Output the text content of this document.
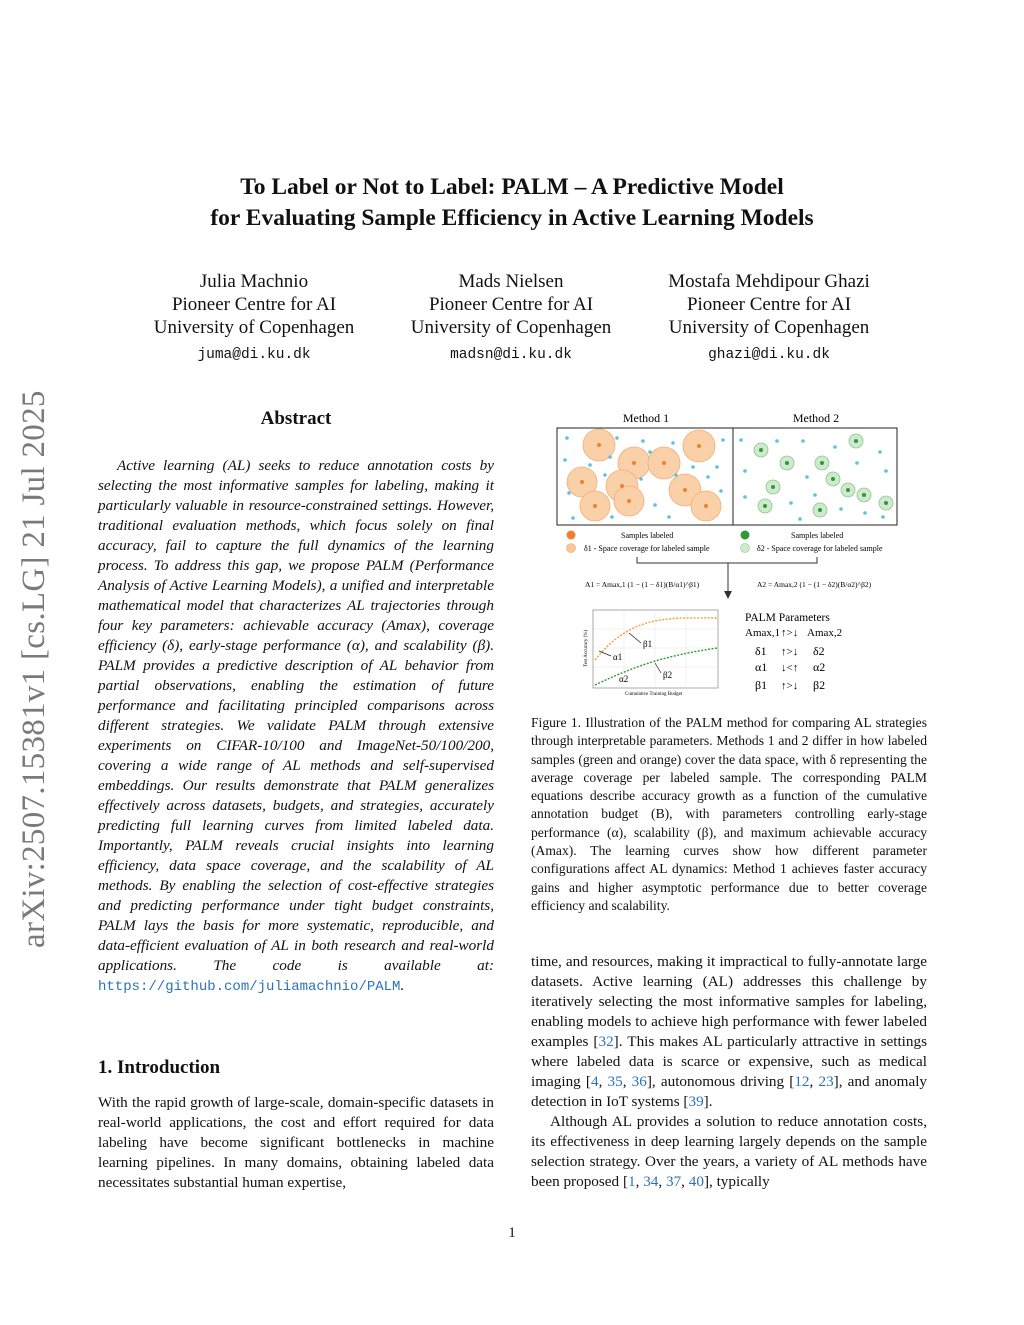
arXiv:2507.15381v1 [cs.LG] 21 Jul 2025
To Label or Not to Label: PALM – A Predictive Model
for Evaluating Sample Efficiency in Active Learning Models
Julia Machnio
Pioneer Centre for AI
University of Copenhagen
juma@di.ku.dk
Mads Nielsen
Pioneer Centre for AI
University of Copenhagen
madsn@di.ku.dk
Mostafa Mehdipour Ghazi
Pioneer Centre for AI
University of Copenhagen
ghazi@di.ku.dk
Abstract
Active learning (AL) seeks to reduce annotation costs by selecting the most informative samples for labeling, making it particularly valuable in resource-constrained settings. However, traditional evaluation methods, which focus solely on final accuracy, fail to capture the full dynamics of the learning process. To address this gap, we propose PALM (Performance Analysis of Active Learning Models), a unified and interpretable mathematical model that characterizes AL trajectories through four key parameters: achievable accuracy (Amax), coverage efficiency (δ), early-stage performance (α), and scalability (β). PALM provides a predictive description of AL behavior from partial observations, enabling the estimation of future performance and facilitating principled comparisons across different strategies. We validate PALM through extensive experiments on CIFAR-10/100 and ImageNet-50/100/200, covering a wide range of AL methods and self-supervised embeddings. Our results demonstrate that PALM generalizes effectively across datasets, budgets, and strategies, accurately predicting full learning curves from limited labeled data. Importantly, PALM reveals crucial insights into learning efficiency, data space coverage, and the scalability of AL methods. By enabling the selection of cost-effective strategies and predicting performance under tight budget constraints, PALM lays the basis for more systematic, reproducible, and data-efficient evaluation of AL in both research and real-world applications. The code is available at: https://github.com/juliamachnio/PALM.
1. Introduction
With the rapid growth of large-scale, domain-specific datasets in real-world applications, the cost and effort required for data labeling have become significant bottlenecks in machine learning pipelines. In many domains, obtaining labeled data necessitates substantial human expertise,
Method 1	Method 2
Samples labeled
δ1 - Space coverage for labeled sample
Samples labeled
δ2 - Space coverage for labeled sample
A1 = Amax,1 (1 − (1 − δ1)(B/α1)^β1)	A2 = Amax,2 (1 − (1 − δ2)(B/α2)^β2)
Test Accuracy (%)
Cumulative Training Budget
β1
α1
β2
α2
PALM Parameters
Amax,1 ↑>↓ Amax,2
δ1 ↑>↓ δ2
α1 ↓<↑ α2
β1 ↑>↓ β2
Figure 1. Illustration of the PALM method for comparing AL strategies through interpretable parameters. Methods 1 and 2 differ in how labeled samples (green and orange) cover the data space, with δ representing the average coverage per labeled sample. The corresponding PALM equations describe accuracy growth as a function of the cumulative annotation budget (B), with parameters controlling early-stage performance (α), scalability (β), and maximum achievable accuracy (Amax). The learning curves show how different parameter configurations affect AL dynamics: Method 1 achieves faster accuracy gains and higher asymptotic performance due to better coverage efficiency and scalability.
time, and resources, making it impractical to fully-annotate large datasets. Active learning (AL) addresses this challenge by iteratively selecting the most informative samples for labeling, enabling models to achieve high performance with fewer labeled examples [32]. This makes AL particularly attractive in settings where labeled data is scarce or expensive, such as medical imaging [4, 35, 36], autonomous driving [12, 23], and anomaly detection in IoT systems [39].
Although AL provides a solution to reduce annotation costs, its effectiveness in deep learning largely depends on the sample selection strategy. Over the years, a variety of AL methods have been proposed [1, 34, 37, 40], typically
1
